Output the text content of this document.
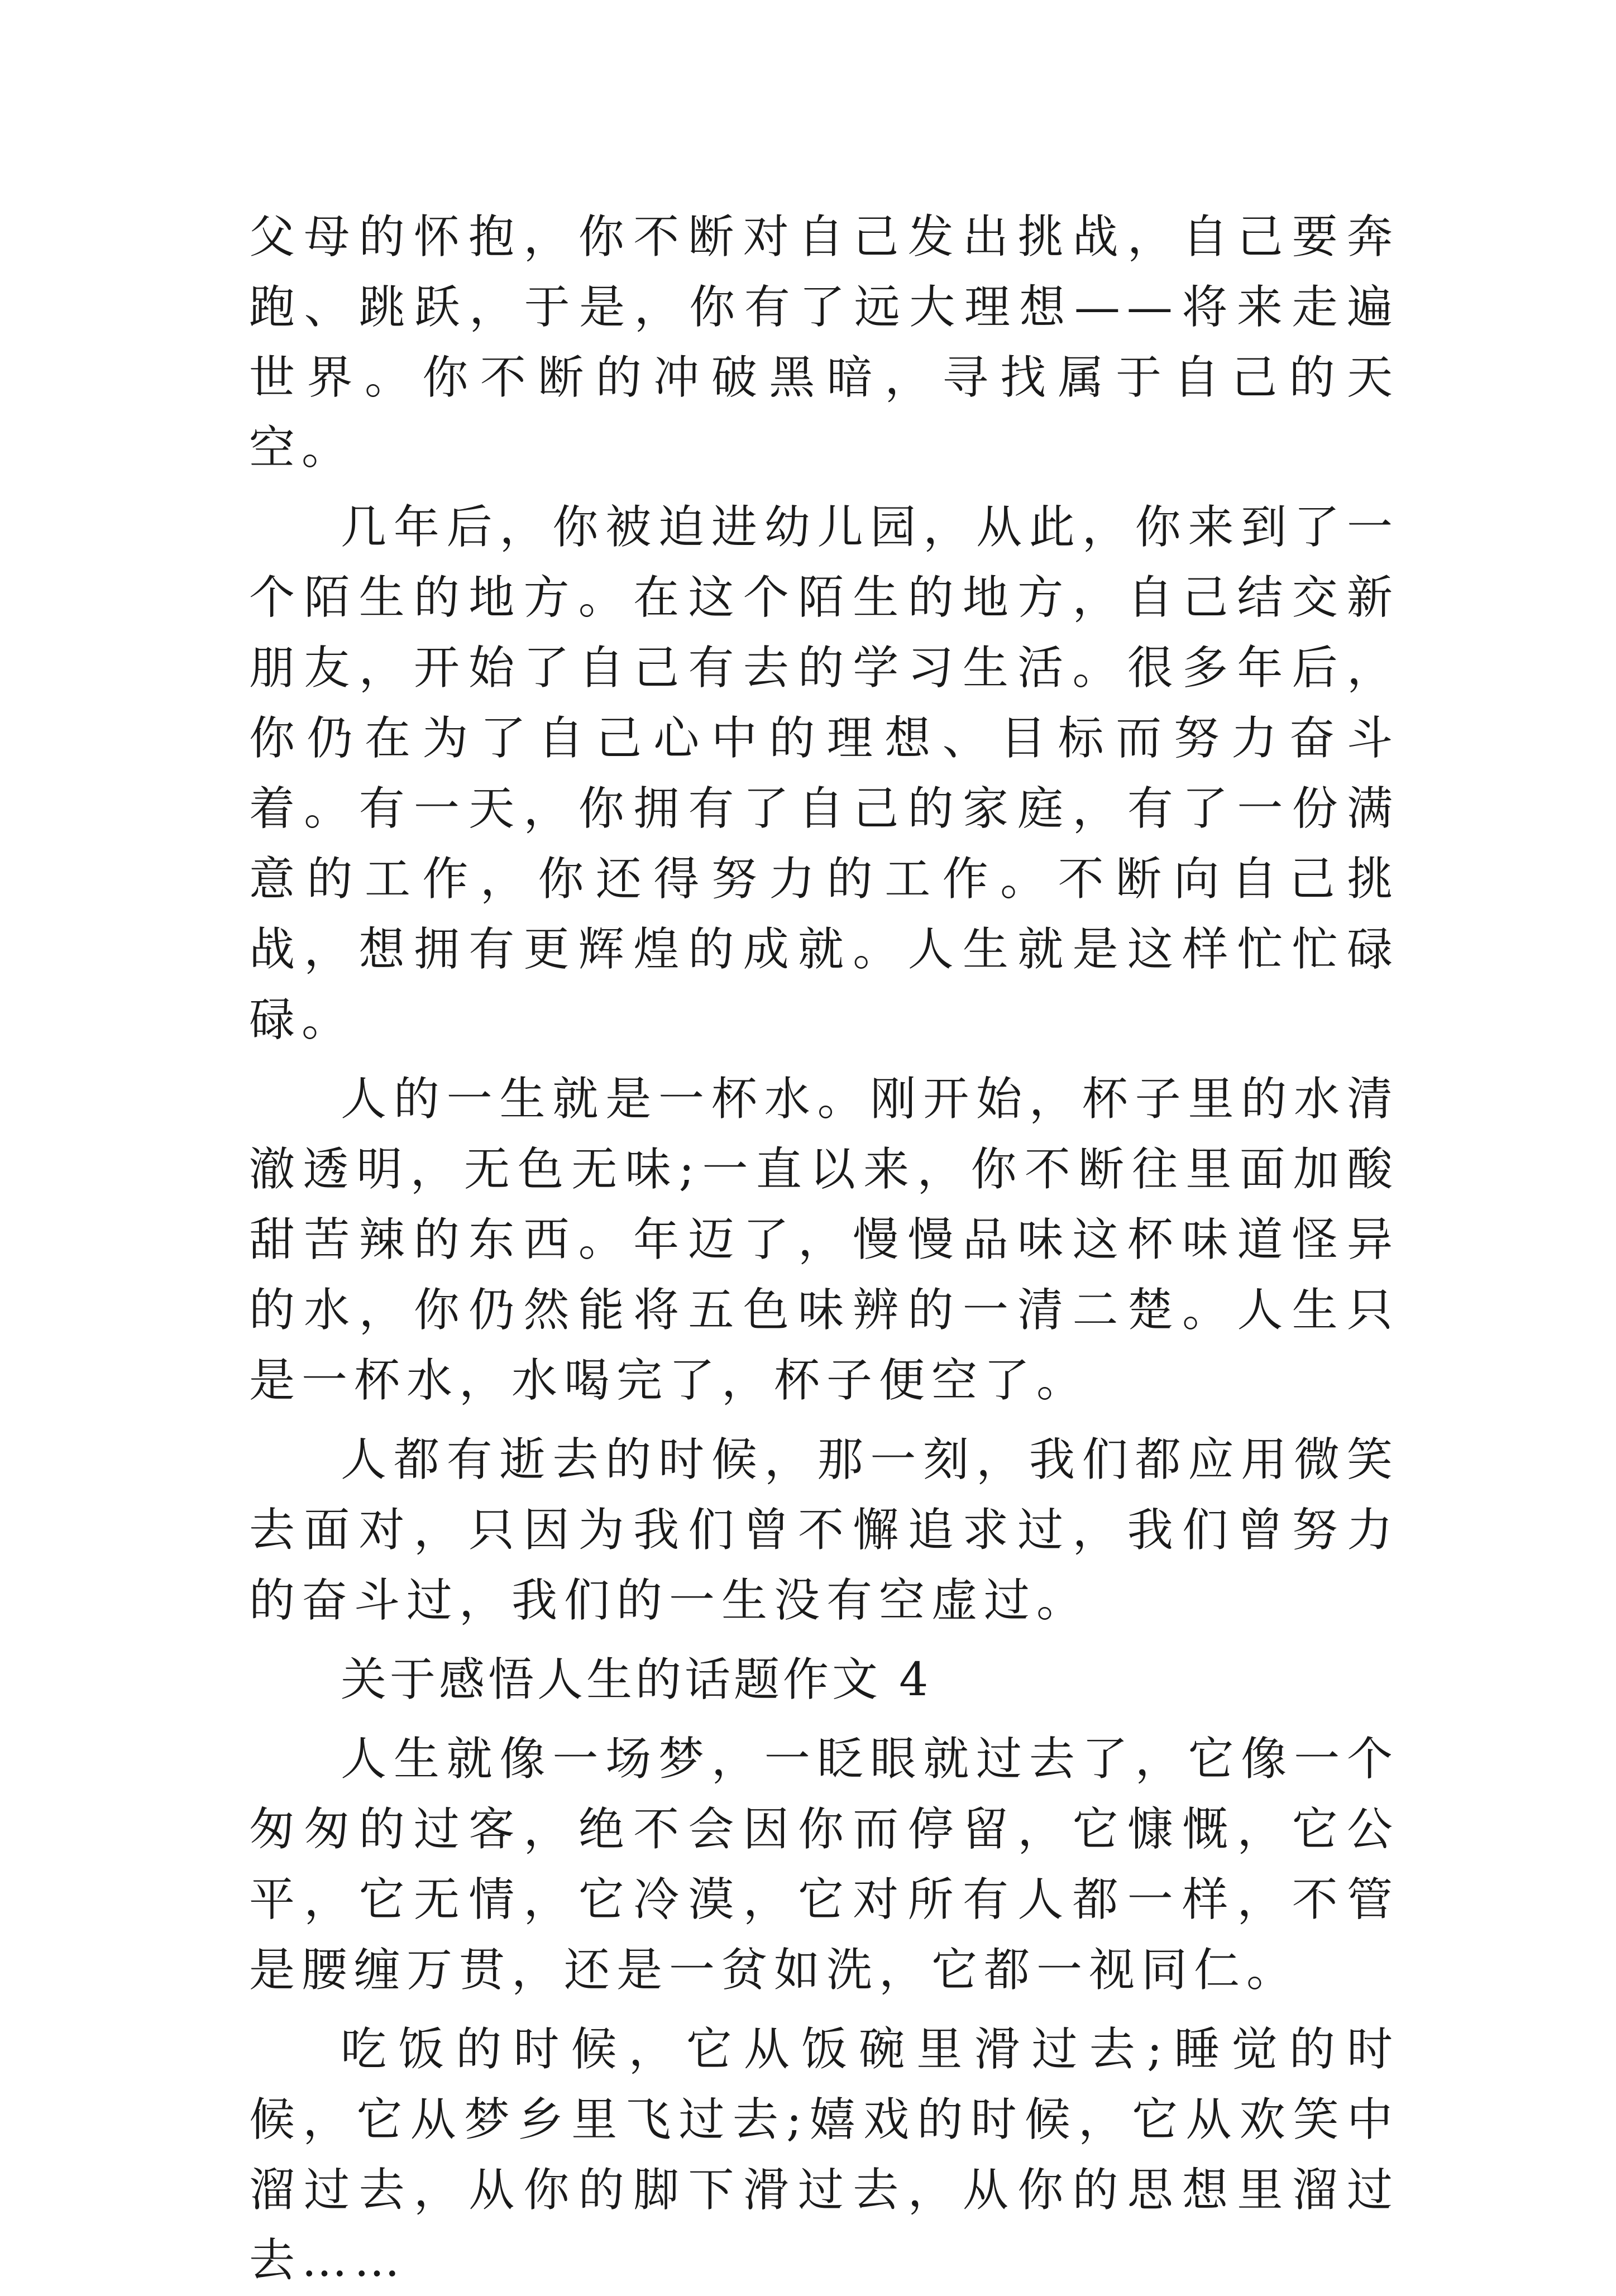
父母的怀抱，你不断对自己发出挑战，自己要奔跑、跳跃，于是，你有了远大理想——将来走遍世界。你不断的冲破黑暗，寻找属于自己的天空。

几年后，你被迫进幼儿园，从此，你来到了一个陌生的地方。在这个陌生的地方，自己结交新朋友，开始了自己有去的学习生活。很多年后，你仍在为了自己心中的理想、目标而努力奋斗着。有一天，你拥有了自己的家庭，有了一份满意的工作，你还得努力的工作。不断向自己挑战，想拥有更辉煌的成就。人生就是这样忙忙碌碌。

人的一生就是一杯水。刚开始，杯子里的水清澈透明，无色无味;一直以来，你不断往里面加酸甜苦辣的东西。年迈了，慢慢品味这杯味道怪异的水，你仍然能将五色味辨的一清二楚。人生只是一杯水，水喝完了，杯子便空了。

人都有逝去的时候，那一刻，我们都应用微笑去面对，只因为我们曾不懈追求过，我们曾努力的奋斗过，我们的一生没有空虚过。

关于感悟人生的话题作文 4

人生就像一场梦，一眨眼就过去了，它像一个匆匆的过客，绝不会因你而停留，它慷慨，它公平，它无情，它冷漠，它对所有人都一样，不管是腰缠万贯，还是一贫如洗，它都一视同仁。

吃饭的时候，它从饭碗里滑过去;睡觉的时候，它从梦乡里飞过去;嬉戏的时候，它从欢笑中溜过去，从你的脚下滑过去，从你的思想里溜过去……
